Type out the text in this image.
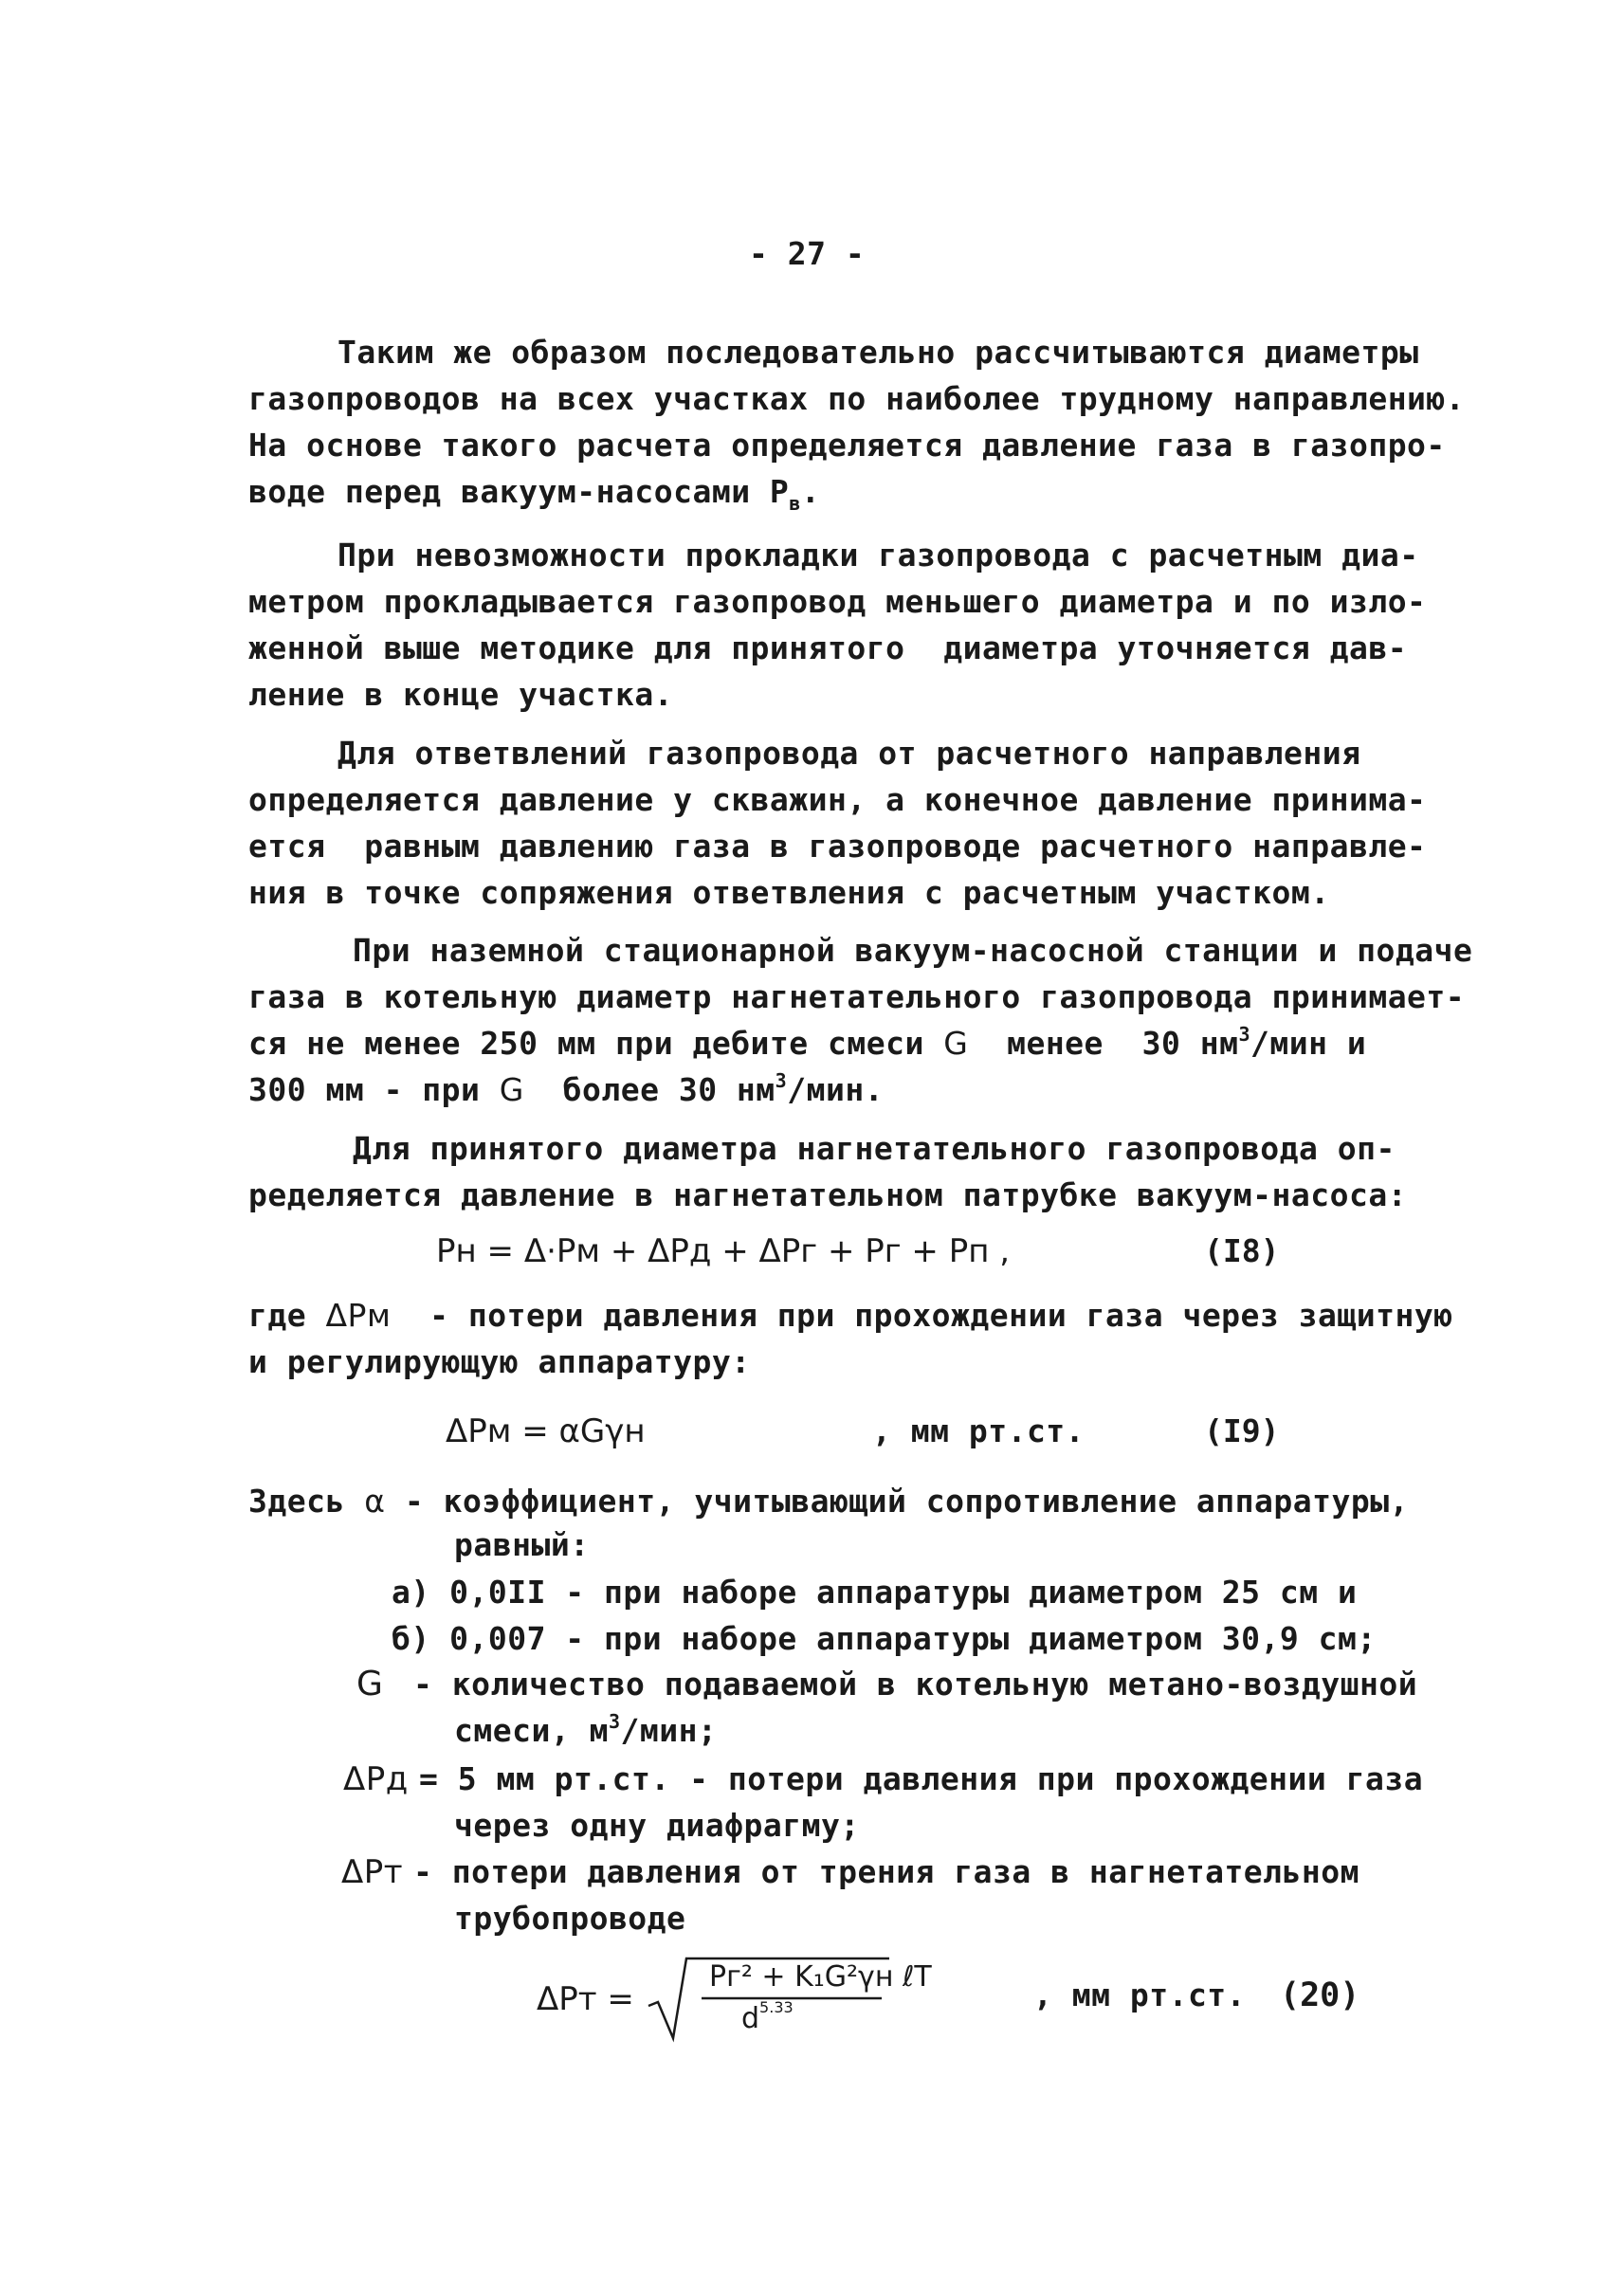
- 27 -
Таким же образом последовательно рассчитываются диаметры
газопроводов на всех участках по наиболее трудному направлению.
На основе такого расчета определяется давление газа в газопро-
воде перед вакуум-насосами $P_в$.
При невозможности прокладки газопровода с расчетным диа-
метром прокладывается газопровод меньшего диаметра и по изло-
женной выше методике для принятого  диаметра уточняется дав-
ление в конце участка.
Для ответвлений газопровода от расчетного направления
определяется давление у скважин, а конечное давление принима-
ется  равным давлению газа в газопроводе расчетного направле-
ния в точке сопряжения ответвления с расчетным участком.
При наземной стационарной вакуум-насосной станции и подаче
газа в котельную диаметр нагнетательного газопровода принимает-
ся не менее 250 мм при дебите смеси G менее  30 $нм^3$/мин и
300 мм - при G более 30 $нм^3$/мин.
Для принятого диаметра нагнетательного газопровода оп-
ределяется давление в нагнетательном патрубке вакуум-насоса:
Pн = Δ·Pм + ΔPд + ΔPг + Pг + Pп ,	(I8)
где ΔPм - потери давления при прохождении газа через защитную
и регулирующую аппаратуру:
ΔPм = αGγн	, мм рт.ст.	(I9)
Здесь α - коэффициент, учитывающий сопротивление аппаратуры,
равный:
а) 0,0II - при наборе аппаратуры диаметром 25 см и
б) 0,007 - при наборе аппаратуры диаметром 30,9 см;
G - количество подаваемой в котельную метано-воздушной
смеси, $м^3$/мин;
ΔPд = 5 мм рт.ст. - потери давления при прохождении газа
через одну диафрагму;
ΔPт - потери давления от трения газа в нагнетательном
трубопроводе
ΔPт =
Pг² + K₁G²γн ℓT
$d^{5.33}$	, мм рт.ст. (20)
